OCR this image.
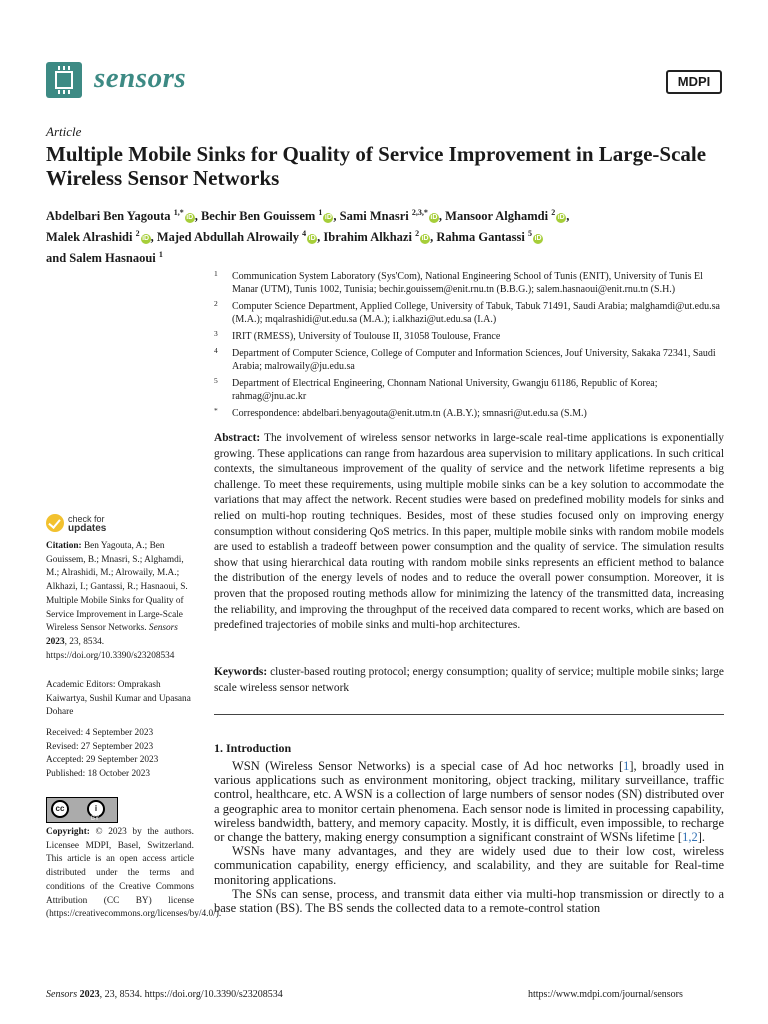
sensors	MDPI
Article
Multiple Mobile Sinks for Quality of Service Improvement in Large-Scale Wireless Sensor Networks
Abdelbari Ben Yagouta $^{1,*}$iD , Bechir Ben Gouissem $^1$iD , Sami Mnasri $^{2,3,*}$iD , Mansoor Alghamdi $^2$iD ,
Malek Alrashidi $^2$iD , Majed Abdullah Alrowaily $^4$iD , Ibrahim Alkhazi $^2$iD , Rahma Gantassi $^5$iD
and Salem Hasnaoui $^1$
1 Communication System Laboratory (Sys'Com), National Engineering School of Tunis (ENIT), University of Tunis El Manar (UTM), Tunis 1002, Tunisia; bechir.gouissem@enit.rnu.tn (B.B.G.); salem.hasnaoui@enit.rnu.tn (S.H.)
2 Computer Science Department, Applied College, University of Tabuk, Tabuk 71491, Saudi Arabia; malghamdi@ut.edu.sa (M.A.); mqalrashidi@ut.edu.sa (M.A.); i.alkhazi@ut.edu.sa (I.A.)
3 IRIT (RMESS), University of Toulouse II, 31058 Toulouse, France
4 Department of Computer Science, College of Computer and Information Sciences, Jouf University, Sakaka 72341, Saudi Arabia; malrowaily@ju.edu.sa
5 Department of Electrical Engineering, Chonnam National University, Gwangju 61186, Republic of Korea; rahmag@jnu.ac.kr
* Correspondence: abdelbari.benyagouta@enit.utm.tn (A.B.Y.); smnasri@ut.edu.sa (S.M.)
Abstract: The involvement of wireless sensor networks in large-scale real-time applications is exponentially growing. These applications can range from hazardous area supervision to military applications. In such critical contexts, the simultaneous improvement of the quality of service and the network lifetime represents a big challenge. To meet these requirements, using multiple mobile sinks can be a key solution to accommodate the variations that may affect the network. Recent studies were based on predefined mobility models for sinks and relied on multi-hop routing techniques. Besides, most of these studies focused only on improving energy consumption without considering QoS metrics. In this paper, multiple mobile sinks with random mobile models are used to establish a tradeoff between power consumption and the quality of service. The simulation results show that using hierarchical data routing with random mobile sinks represents an efficient method to balance the distribution of the energy levels of nodes and to reduce the overall power consumption. Moreover, it is proven that the proposed routing methods allow for minimizing the latency of the transmitted data, increasing the reliability, and improving the throughput of the received data compared to recent works, which are based on predefined trajectories of mobile sinks and multi-hop architectures.
Keywords: cluster-based routing protocol; energy consumption; quality of service; multiple mobile sinks; large scale wireless sensor network
1. Introduction

WSN (Wireless Sensor Networks) is a special case of Ad hoc networks [1], broadly used in various applications such as environment monitoring, object tracking, military surveillance, traffic control, healthcare, etc. A WSN is a collection of large numbers of sensor nodes (SN) distributed over a geographic area to monitor certain phenomena. Each sensor node is limited in processing capability, wireless bandwidth, battery, and memory capacity. Mostly, it is difficult, even impossible, to recharge or change the battery, making energy consumption a significant constraint of WSNs lifetime [1,2].

WSNs have many advantages, and they are widely used due to their low cost, wireless communication capability, energy efficiency, and scalability, and they are suitable for Real-time monitoring applications.

The SNs can sense, process, and transmit data either via multi-hop transmission or directly to a base station (BS). The BS sends the collected data to a remote-control station

check for
updates
Citation: Ben Yagouta, A.; Ben Gouissem, B.; Mnasri, S.; Alghamdi, M.; Alrashidi, M.; Alrowaily, M.A.; Alkhazi, I.; Gantassi, R.; Hasnaoui, S. Multiple Mobile Sinks for Quality of Service Improvement in Large-Scale Wireless Sensor Networks. Sensors 2023, 23, 8534. https://doi.org/10.3390/s23208534
Academic Editors: Omprakash Kaiwartya, Sushil Kumar and Upasana Dohare
Received: 4 September 2023
Revised: 27 September 2023
Accepted: 29 September 2023
Published: 18 October 2023
cc	i
BY
Copyright: © 2023 by the authors. Licensee MDPI, Basel, Switzerland. This article is an open access article distributed under the terms and conditions of the Creative Commons Attribution (CC BY) license (https://creativecommons.org/licenses/by/4.0/).
Sensors 2023, 23, 8534. https://doi.org/10.3390/s23208534	https://www.mdpi.com/journal/sensors
